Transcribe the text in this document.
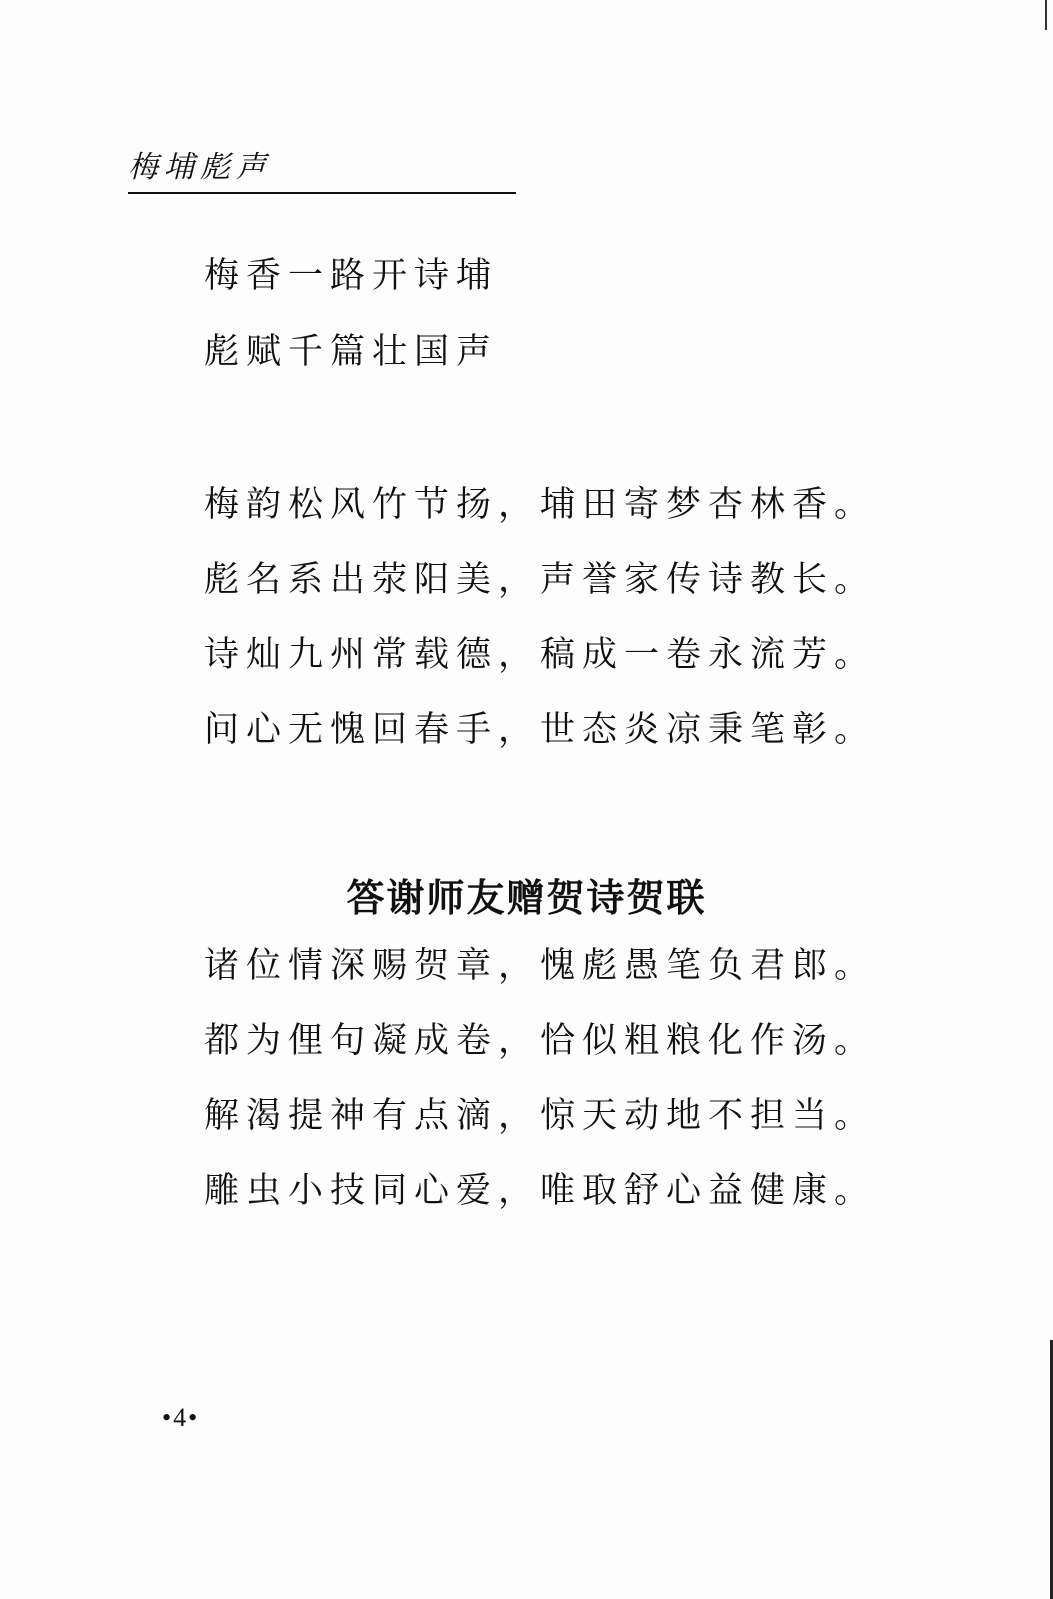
梅埔彪声
梅香一路开诗埔
彪赋千篇壮国声
梅韵松风竹节扬，埔田寄梦杏林香。
彪名系出荥阳美，声誉家传诗教长。
诗灿九州常载德，稿成一卷永流芳。
问心无愧回春手，世态炎凉秉笔彰。
答谢师友赠贺诗贺联
诸位情深赐贺章，愧彪愚笔负君郎。
都为俚句凝成卷，恰似粗粮化作汤。
解渴提神有点滴，惊天动地不担当。
雕虫小技同心爱，唯取舒心益健康。
•4•
